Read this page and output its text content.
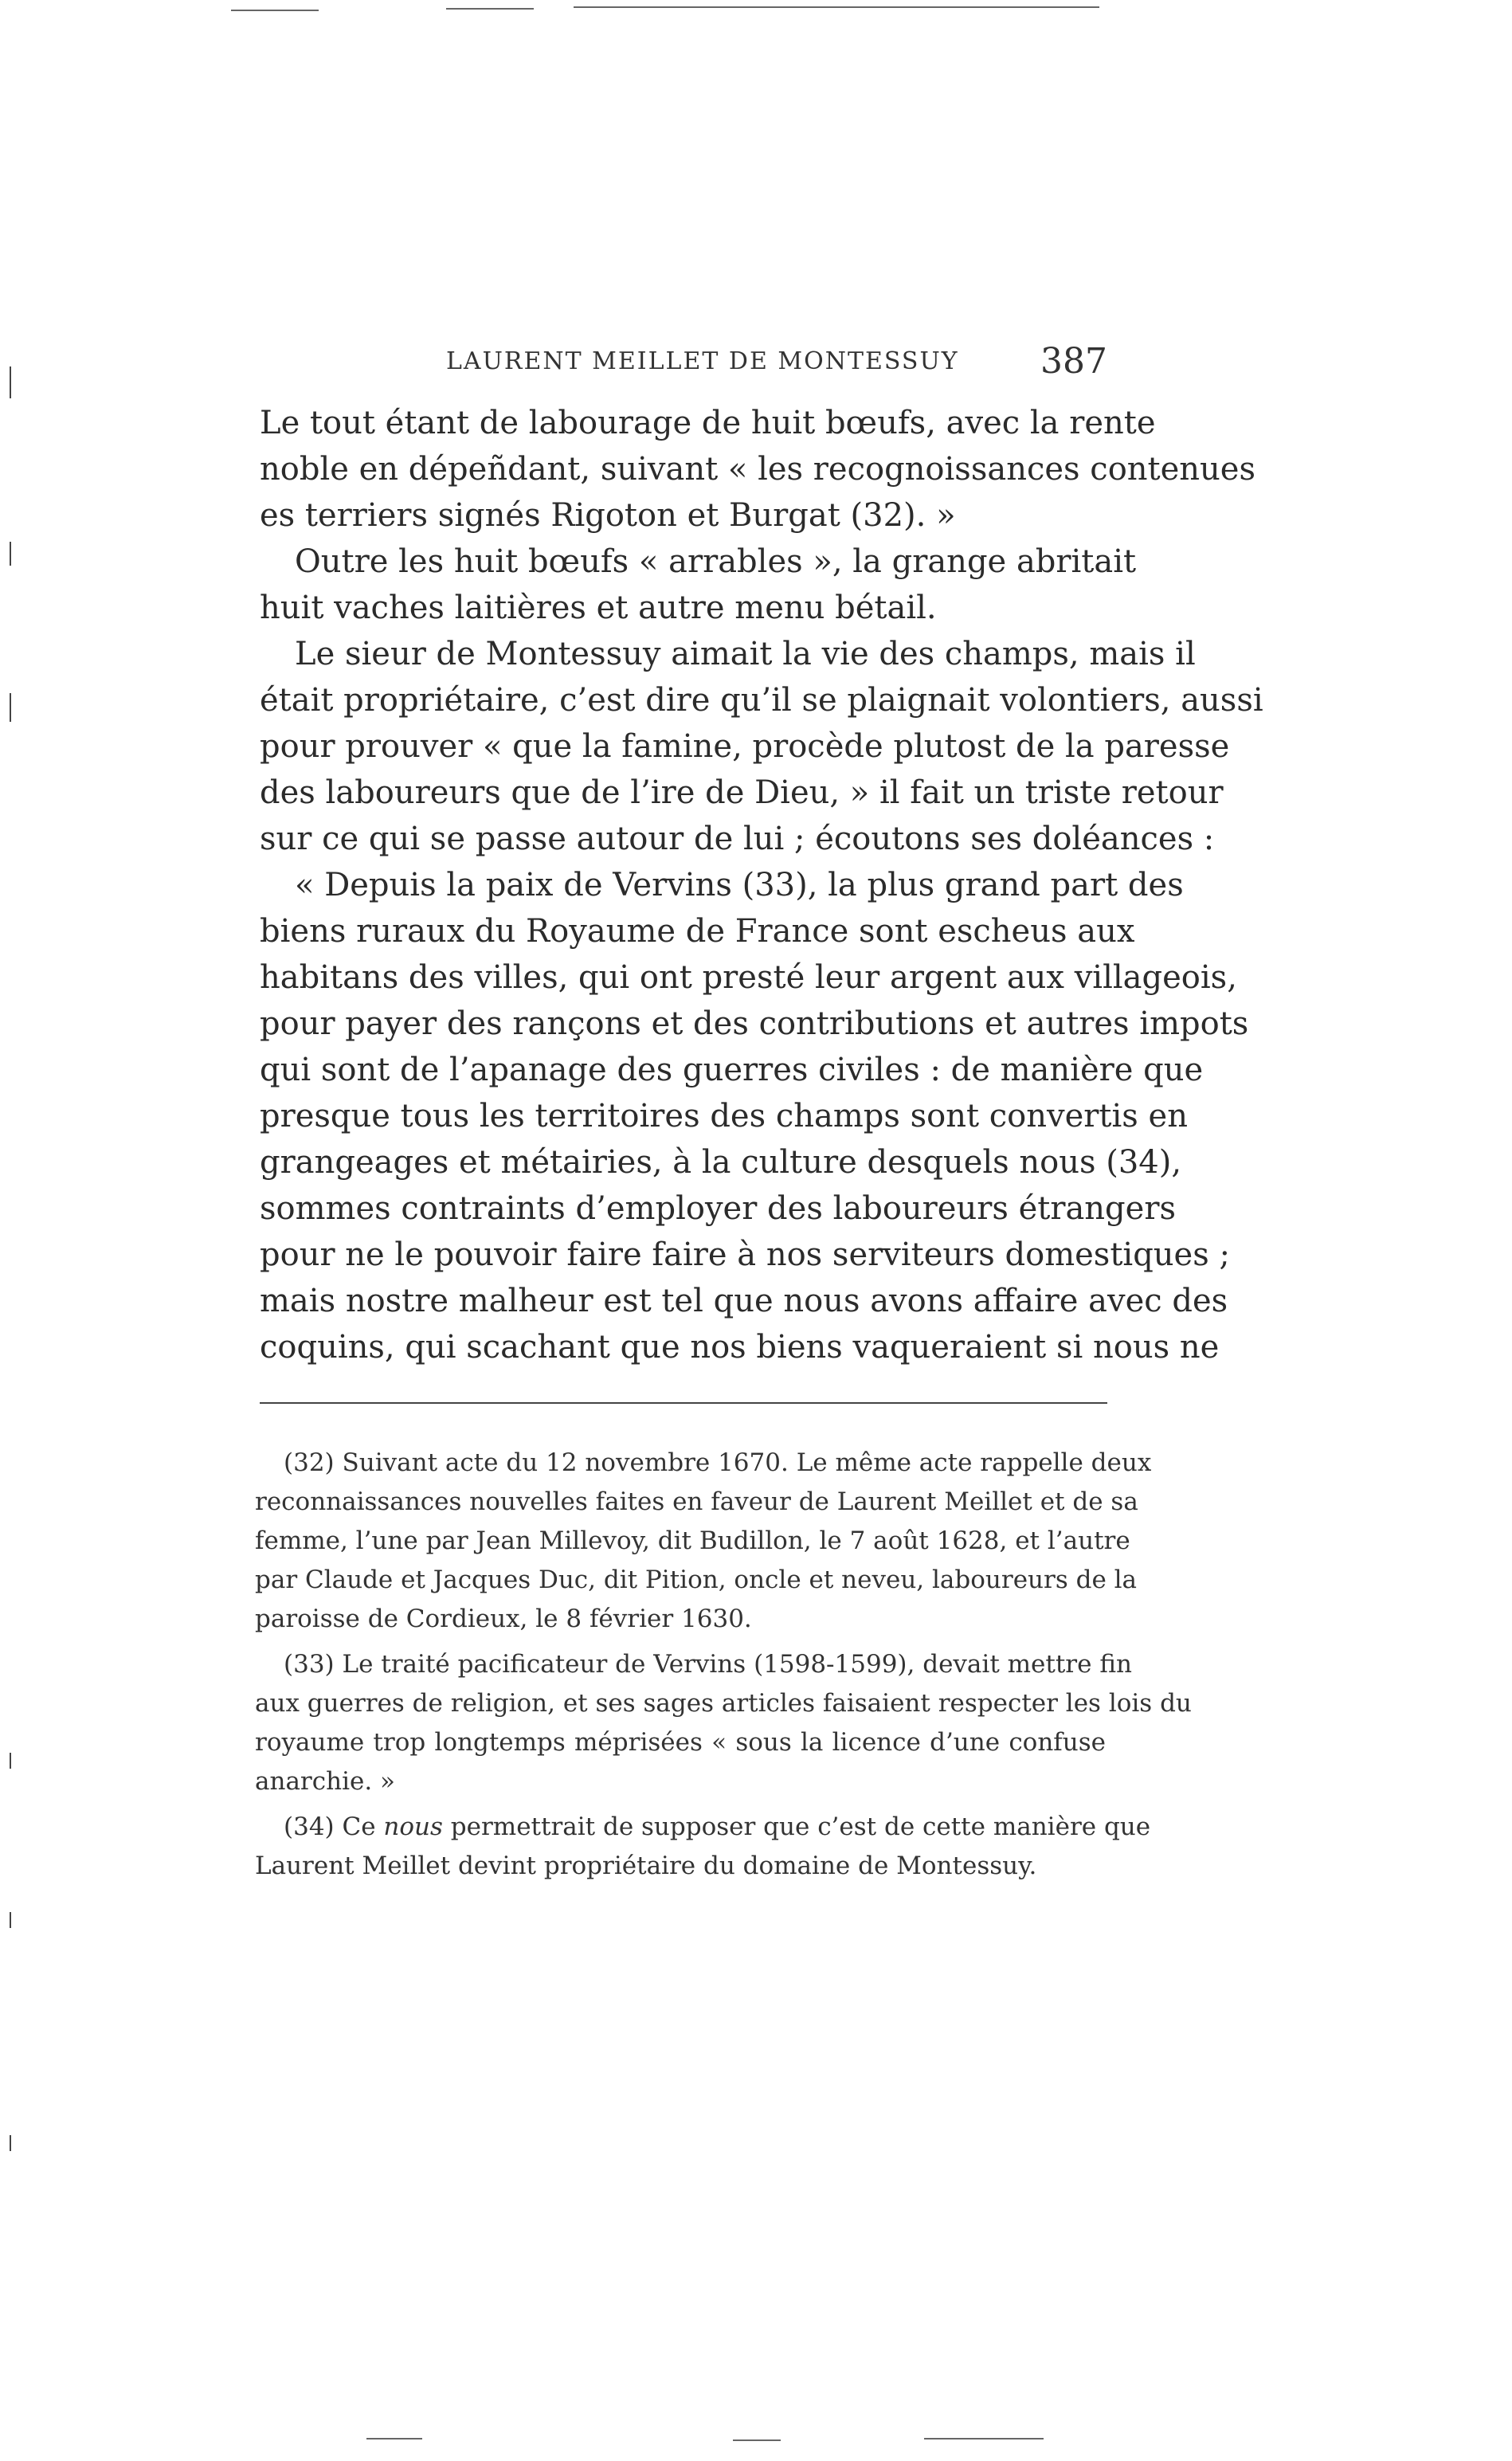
LAURENT MEILLET DE MONTESSUY 387
Le tout étant de labourage de huit bœufs, avec la rente
noble en dépeñdant, suivant « les recognoissances contenues
es terriers signés Rigoton et Burgat (32). »
Outre les huit bœufs « arrables », la grange abritait
huit vaches laitières et autre menu bétail.
Le sieur de Montessuy aimait la vie des champs, mais il
était propriétaire, c’est dire qu’il se plaignait volontiers, aussi
pour prouver « que la famine, procède plutost de la paresse
des laboureurs que de l’ire de Dieu, » il fait un triste retour
sur ce qui se passe autour de lui ; écoutons ses doléances :
« Depuis la paix de Vervins (33), la plus grand part des
biens ruraux du Royaume de France sont escheus aux
habitans des villes, qui ont presté leur argent aux villageois,
pour payer des rançons et des contributions et autres impots
qui sont de l’apanage des guerres civiles : de manière que
presque tous les territoires des champs sont convertis en
grangeages et métairies, à la culture desquels nous (34),
sommes contraints d’employer des laboureurs étrangers
pour ne le pouvoir faire faire à nos serviteurs domestiques ;
mais nostre malheur est tel que nous avons affaire avec des
coquins, qui scachant que nos biens vaqueraient si nous ne
(32) Suivant acte du 12 novembre 1670. Le même acte rappelle deux
reconnaissances nouvelles faites en faveur de Laurent Meillet et de sa
femme, l’une par Jean Millevoy, dit Budillon, le 7 août 1628, et l’autre
par Claude et Jacques Duc, dit Pition, oncle et neveu, laboureurs de la
paroisse de Cordieux, le 8 février 1630.
(33) Le traité pacificateur de Vervins (1598-1599), devait mettre fin
aux guerres de religion, et ses sages articles faisaient respecter les lois du
royaume trop longtemps méprisées « sous la licence d’une confuse
anarchie. »
(34) Ce nous permettrait de supposer que c’est de cette manière que
Laurent Meillet devint propriétaire du domaine de Montessuy.
